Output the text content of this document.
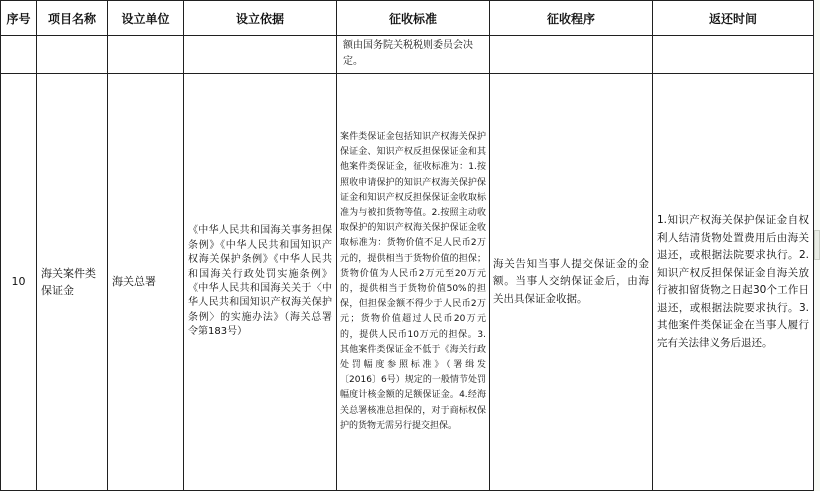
序号	项目名称	设立单位	设立依据	征收标准	征收程序	返还时间
				额由国务院关税税则委员会决定。		
10	海关案件类保证金	海关总署	《中华人民共和国海关事务担保条例》《中华人民共和国知识产权海关保护条例》《中华人民共和国海关行政处罚实施条例》《中华人民共和国海关关于〈中华人民共和国知识产权海关保护条例〉的实施办法》（海关总署令第183号）	案件类保证金包括知识产权海关保护保证金、知识产权反担保保证金和其他案件类保证金，征收标准为：1.按照收申请保护的知识产权海关保护保证金和知识产权反担保保证金收取标准为与被扣货物等值。2.按照主动收取保护的知识产权海关保护保证金收取标准为：货物价值不足人民币2万元的，提供相当于货物价值的担保；货物价值为人民币2万元至20万元的，提供相当于货物价值50%的担保，但担保金额不得少于人民币2万元；货物价值超过人民币20万元的，提供人民币10万元的担保。3.其他案件类保证金不低于《海关行政处罚幅度参照标准》（署缉发〔2016〕6号）规定的一般情节处罚幅度计核金额的足额保证金。4.经海关总署核准总担保的，对于商标权保护的货物无需另行提交担保。	海关告知当事人提交保证金的金额。当事人交纳保证金后，由海关出具保证金收据。	1.知识产权海关保护保证金自权利人结清货物处置费用后由海关退还，或根据法院要求执行。2.知识产权反担保保证金自海关放行被扣留货物之日起30个工作日退还，或根据法院要求执行。3.其他案件类保证金在当事人履行完有关法律义务后退还。
